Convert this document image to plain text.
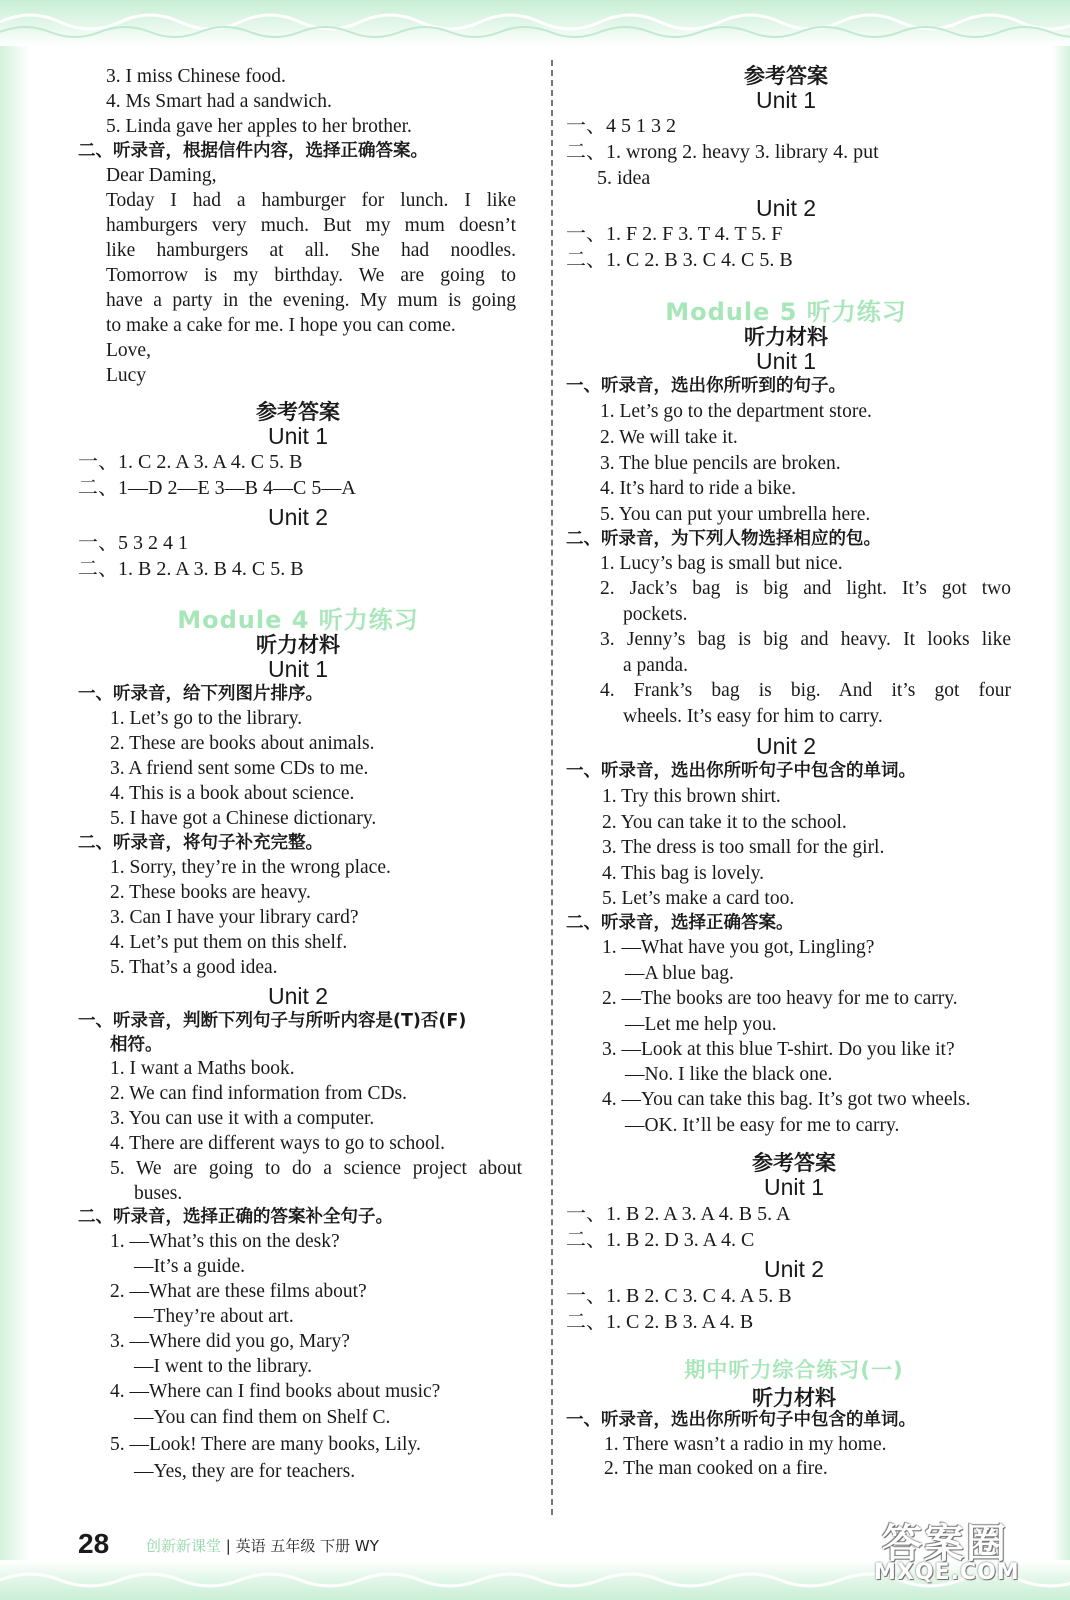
3. I miss Chinese food.
4. Ms Smart had a sandwich.
5. Linda gave her apples to her brother.
二、听录音，根据信件内容，选择正确答案。
Dear Daming,
Today I had a hamburger for lunch. I like
hamburgers very much. But my mum doesn’t
like hamburgers at all. She had noodles.
Tomorrow is my birthday. We are going to
have a party in the evening. My mum is going
to make a cake for me. I hope you can come.
Love,
Lucy
参考答案
Unit 1
一、1. C 2. A 3. A 4. C 5. B
二、1—D 2—E 3—B 4—C 5—A
Unit 2
一、5 3 2 4 1
二、1. B 2. A 3. B 4. C 5. B
Module 4 听力练习
听力材料
Unit 1
一、听录音，给下列图片排序。
1. Let’s go to the library.
2. These are books about animals.
3. A friend sent some CDs to me.
4. This is a book about science.
5. I have got a Chinese dictionary.
二、听录音，将句子补充完整。
1. Sorry, they’re in the wrong place.
2. These books are heavy.
3. Can I have your library card?
4. Let’s put them on this shelf.
5. That’s a good idea.
Unit 2
一、听录音，判断下列句子与所听内容是(T)否(F)
相符。
1. I want a Maths book.
2. We can find information from CDs.
3. You can use it with a computer.
4. There are different ways to go to school.
5. We are going to do a science project about
buses.
二、听录音，选择正确的答案补全句子。
1. —What’s this on the desk?
—It’s a guide.
2. —What are these films about?
—They’re about art.
3. —Where did you go, Mary?
—I went to the library.
4. —Where can I find books about music?
—You can find them on Shelf C.
5. —Look! There are many books, Lily.
—Yes, they are for teachers.
参考答案
Unit 1
一、4 5 1 3 2
二、1. wrong 2. heavy 3. library 4. put
5. idea
Unit 2
一、1. F 2. F 3. T 4. T 5. F
二、1. C 2. B 3. C 4. C 5. B
Module 5 听力练习
听力材料
Unit 1
一、听录音，选出你所听到的句子。
1. Let’s go to the department store.
2. We will take it.
3. The blue pencils are broken.
4. It’s hard to ride a bike.
5. You can put your umbrella here.
二、听录音，为下列人物选择相应的包。
1. Lucy’s bag is small but nice.
2. Jack’s bag is big and light. It’s got two
pockets.
3. Jenny’s bag is big and heavy. It looks like
a panda.
4. Frank’s bag is big. And it’s got four
wheels. It’s easy for him to carry.
Unit 2
一、听录音，选出你所听句子中包含的单词。
1. Try this brown shirt.
2. You can take it to the school.
3. The dress is too small for the girl.
4. This bag is lovely.
5. Let’s make a card too.
二、听录音，选择正确答案。
1. —What have you got, Lingling?
—A blue bag.
2. —The books are too heavy for me to carry.
—Let me help you.
3. —Look at this blue T-shirt. Do you like it?
—No. I like the black one.
4. —You can take this bag. It’s got two wheels.
—OK. It’ll be easy for me to carry.
参考答案
Unit 1
一、1. B 2. A 3. A 4. B 5. A
二、1. B 2. D 3. A 4. C
Unit 2
一、1. B 2. C 3. C 4. A 5. B
二、1. C 2. B 3. A 4. B
期中听力综合练习(一)
听力材料
一、听录音，选出你所听句子中包含的单词。
1. There wasn’t a radio in my home.
2. The man cooked on a fire.
28 创新新课堂 | 英语 五年级 下册 WY	答案圈
MXQE.COM
